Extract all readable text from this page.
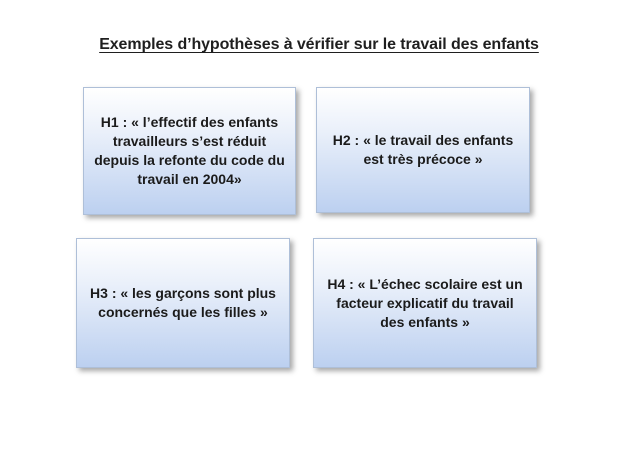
Exemples d’hypothèses à vérifier sur le travail des enfants
H1 : « l’effectif des enfants travailleurs s’est réduit depuis la refonte du code du travail en 2004»
H2 : « le travail des enfants est très précoce »
H3 : « les garçons sont plus concernés que les filles »
H4 : « L’échec scolaire est un facteur explicatif du travail des enfants »
